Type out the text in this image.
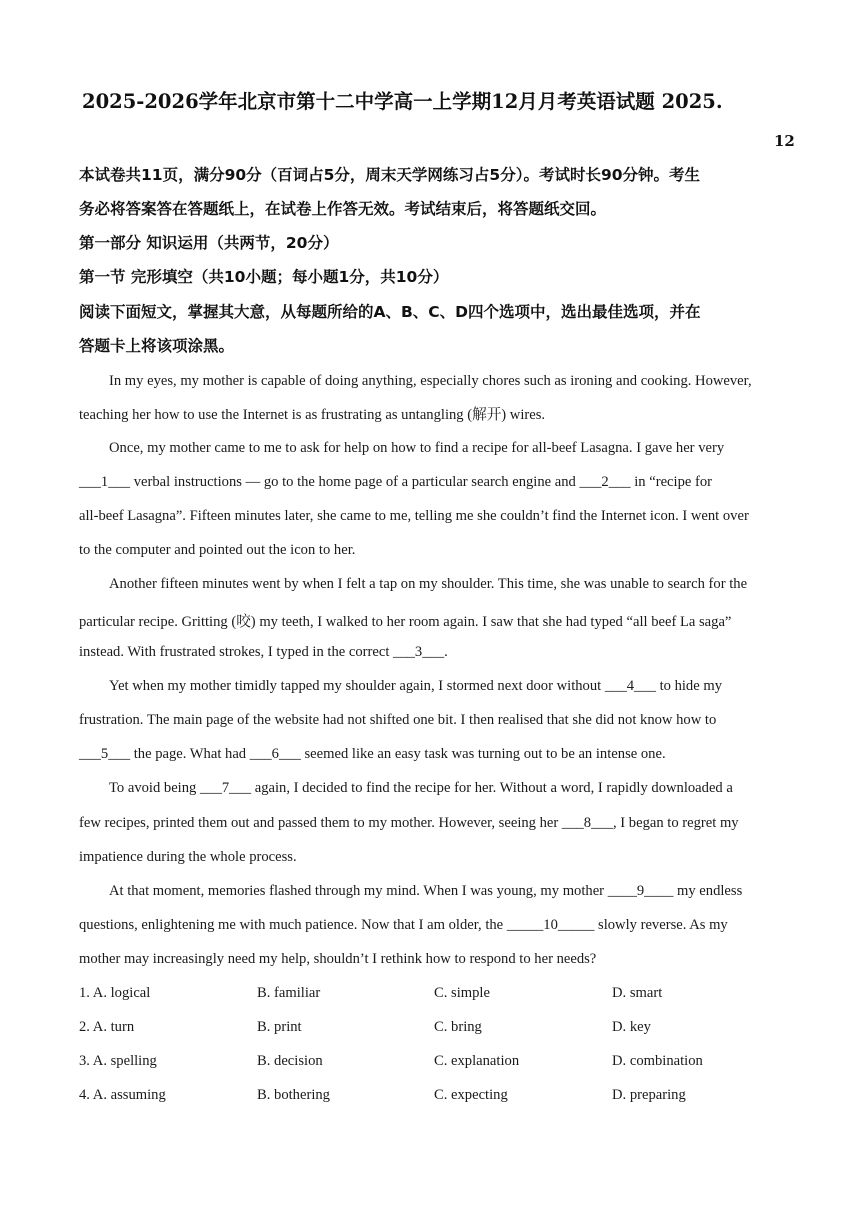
2025-2026学年北京市第十二中学高一上学期12月月考英语试题 2025.
12
本试卷共11页，满分90分（百词占5分，周末天学网练习占5分）。考试时长90分钟。考生
务必将答案答在答题纸上，在试卷上作答无效。考试结束后，将答题纸交回。
第一部分 知识运用（共两节，20分）
第一节 完形填空（共10小题；每小题1分，共10分）
阅读下面短文，掌握其大意，从每题所给的A、B、C、D四个选项中，选出最佳选项，并在
答题卡上将该项涂黑。
In my eyes, my mother is capable of doing anything, especially chores such as ironing and cooking. However, teaching her how to use the Internet is as frustrating as untangling (解开) wires.
Once, my mother came to me to ask for help on how to find a recipe for all-beef Lasagna. I gave her very
___1___ verbal instructions — go to the home page of a particular search engine and ___2___ in “recipe for
all-beef Lasagna”. Fifteen minutes later, she came to me, telling me she couldn’t find the Internet icon. I went over
to the computer and pointed out the icon to her.
Another fifteen minutes went by when I felt a tap on my shoulder. This time, she was unable to search for the
particular recipe. Gritting (咬) my teeth, I walked to her room again. I saw that she had typed “all beef La saga”
instead. With frustrated strokes, I typed in the correct ___3___.
Yet when my mother timidly tapped my shoulder again, I stormed next door without ___4___ to hide my
frustration. The main page of the website had not shifted one bit. I then realised that she did not know how to
___5___ the page. What had ___6___ seemed like an easy task was turning out to be an intense one.
To avoid being ___7___ again, I decided to find the recipe for her. Without a word, I rapidly downloaded a
few recipes, printed them out and passed them to my mother. However, seeing her ___8___, I began to regret my
impatience during the whole process.
At that moment, memories flashed through my mind. When I was young, my mother ____9____ my endless
questions, enlightening me with much patience. Now that I am older, the _____10_____ slowly reverse. As my
mother may increasingly need my help, shouldn’t I rethink how to respond to her needs?
1. A. logical	B. familiar	C. simple	D. smart
2. A. turn	B. print	C. bring	D. key
3. A. spelling	B. decision	C. explanation	D. combination
4. A. assuming	B. bothering	C. expecting	D. preparing
